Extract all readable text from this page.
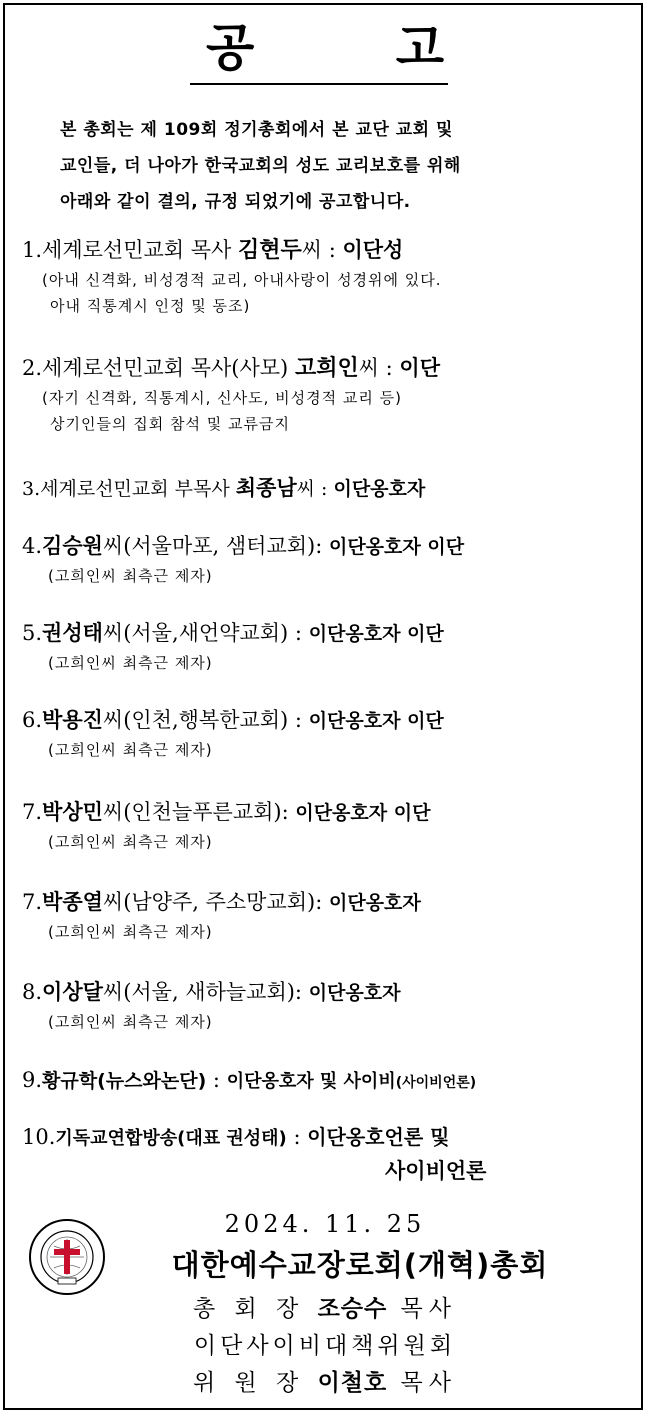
공 고
본 총회는 제 109회 정기총회에서 본 교단 교회 및
교인들, 더 나아가 한국교회의 성도 교리보호를 위해
아래와 같이 결의, 규정 되었기에 공고합니다.
1.세계로선민교회 목사 김현두씨 : 이단성
(아내 신격화, 비성경적 교리, 아내사랑이 성경위에 있다.
아내 직통계시 인정 및 동조)
2.세계로선민교회 목사(사모) 고희인씨 : 이단
(자기 신격화, 직통계시, 신사도, 비성경적 교리 등)
상기인들의 집회 참석 및 교류금지
3.세계로선민교회 부목사 최종남씨 : 이단옹호자
4.김승원씨(서울마포, 샘터교회): 이단옹호자 이단
(고희인씨 최측근 제자)
5.권성태씨(서울,새언약교회) : 이단옹호자 이단
(고희인씨 최측근 제자)
6.박용진씨(인천,행복한교회) : 이단옹호자 이단
(고희인씨 최측근 제자)
7.박상민씨(인천늘푸른교회): 이단옹호자 이단
(고희인씨 최측근 제자)
7.박종열씨(남양주, 주소망교회): 이단옹호자
(고희인씨 최측근 제자)
8.이상달씨(서울, 새하늘교회): 이단옹호자
(고희인씨 최측근 제자)
9.황규학(뉴스와논단) : 이단옹호자 및 사이비(사이비언론)
10.기독교연합방송(대표 권성태) : 이단옹호언론 및
사이비언론
2024. 11. 25
대한예수교장로회(개혁)총회
총 회 장 조승수 목사
이단사이비대책위원회
위 원 장 이철호 목사
